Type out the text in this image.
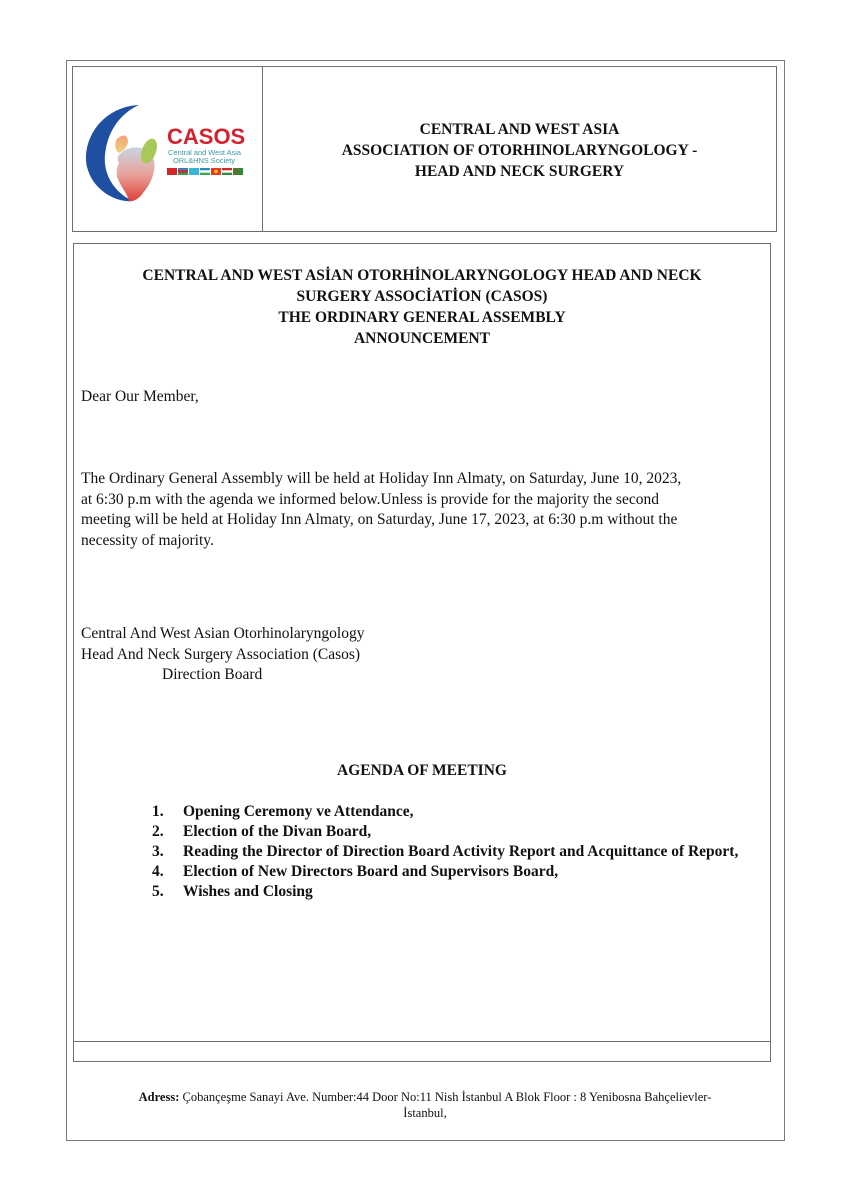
CASOS
Central and West Asia
ORL&HNS Society
CENTRAL AND WEST ASIA
ASSOCIATION OF OTORHINOLARYNGOLOGY -
HEAD AND NECK SURGERY
CENTRAL AND WEST ASİAN OTORHİNOLARYNGOLOGY HEAD AND NECK
SURGERY ASSOCİATİON (CASOS)
THE ORDINARY GENERAL ASSEMBLY
ANNOUNCEMENT
Dear Our Member,
The Ordinary General Assembly will be held at Holiday Inn Almaty, on Saturday, June 10, 2023,
at 6:30 p.m with the agenda we informed below.Unless is provide for the majority the second
meeting will be held at Holiday Inn Almaty, on Saturday, June 17, 2023, at 6:30 p.m without the
necessity of majority.
Central And West Asian Otorhinolaryngology
Head And Neck Surgery Association (Casos)
Direction Board
AGENDA OF MEETING
1.	Opening Ceremony ve Attendance,
2.	Election of the Divan Board,
3.	Reading the Director of Direction Board Activity Report and Acquittance of Report,
4.	Election of New Directors Board and Supervisors Board,
5.	Wishes and Closing
Adress: Çobançeşme Sanayi Ave. Number:44 Door No:11 Nish İstanbul A Blok Floor : 8 Yenibosna Bahçelievler-
İstanbul,
